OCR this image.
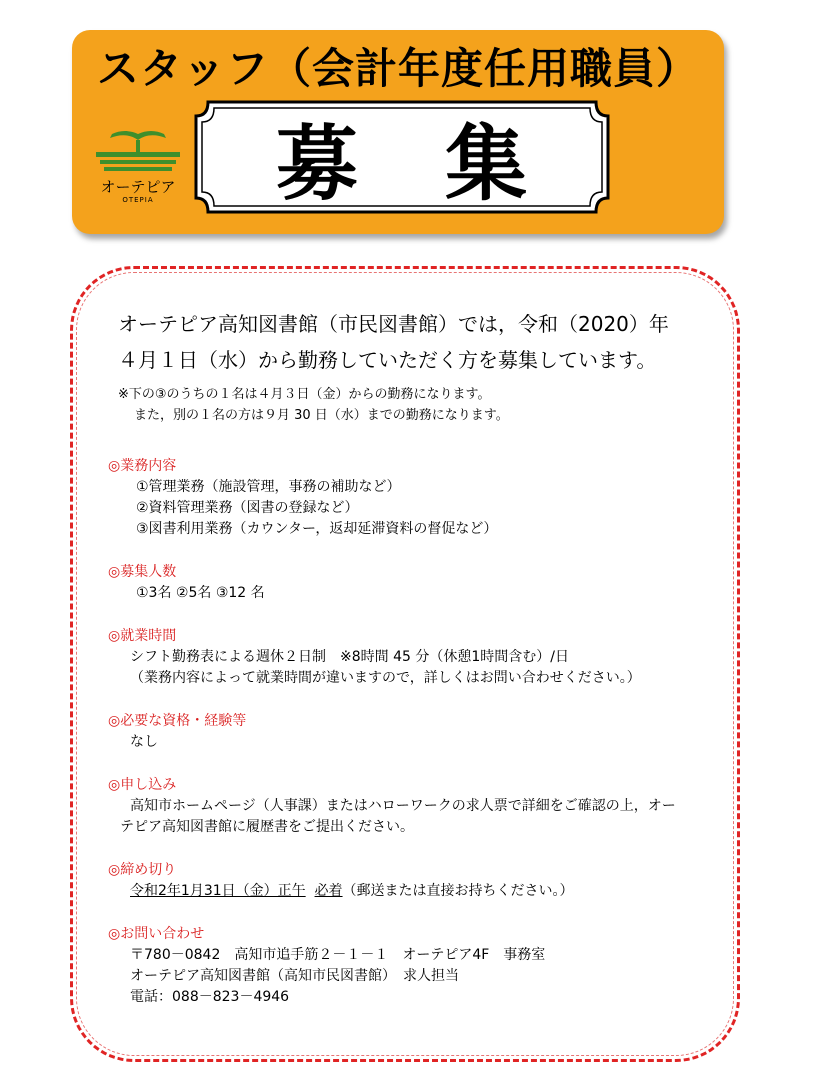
スタッフ（会計年度任用職員）
オーテピア
OTEPIA	募 集
オーテピア高知図書館（市民図書館）では，令和（2020）年
４月１日（水）から勤務していただく方を募集しています。
※下の③のうちの１名は４月３日（金）からの勤務になります。
また，別の１名の方は９月 30 日（水）までの勤務になります。
◎業務内容
①管理業務（施設管理，事務の補助など）
②資料管理業務（図書の登録など）
③図書利用業務（カウンター，返却延滞資料の督促など）
◎募集人数
①3名 ②5名 ③12 名
◎就業時間
シフト勤務表による週休２日制　※8時間 45 分（休憩1時間含む）/日
（業務内容によって就業時間が違いますので，詳しくはお問い合わせください。）
◎必要な資格・経験等
なし
◎申し込み
高知市ホームページ（人事課）またはハローワークの求人票で詳細をご確認の上，オー
テピア高知図書館に履歴書をご提出ください。
◎締め切り
令和2年1月31日（金）正午 必着（郵送または直接お持ちください。）
◎お問い合わせ
〒780－0842　高知市追手筋２－１－１　オーテピア4F　事務室
オーテピア高知図書館（高知市民図書館）　求人担当
電話：088－823－4946
